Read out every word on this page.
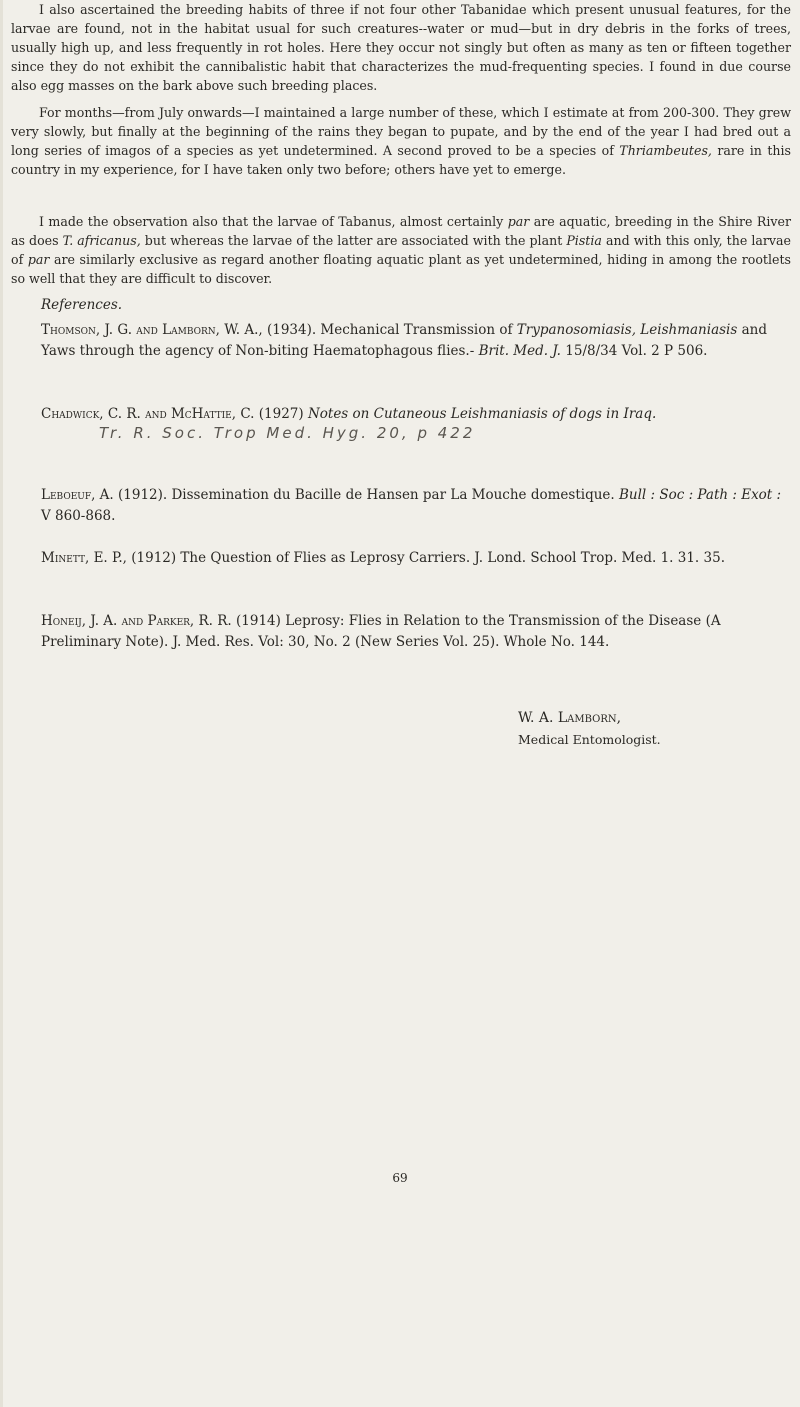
I also ascertained the breeding habits of three if not four other Tabanidae which present unusual features, for the larvae are found, not in the habitat usual for such creatures--water or mud—but in dry debris in the forks of trees, usually high up, and less frequently in rot holes. Here they occur not singly but often as many as ten or fifteen together since they do not exhibit the cannibalistic habit that characterizes the mud-frequenting species. I found in due course also egg masses on the bark above such breeding places.

For months—from July onwards—I maintained a large number of these, which I estimate at from 200-300. They grew very slowly, but finally at the beginning of the rains they began to pupate, and by the end of the year I had bred out a long series of imagos of a species as yet undetermined. A second proved to be a species of Thriambeutes, rare in this country in my experience, for I have taken only two before; others have yet to emerge.

I made the observation also that the larvae of Tabanus, almost certainly par are aquatic, breeding in the Shire River as does T. africanus, but whereas the larvae of the latter are associated with the plant Pistia and with this only, the larvae of par are similarly exclusive as regard another floating aquatic plant as yet undetermined, hiding in among the rootlets so well that they are difficult to discover.

References.

Thomson, J. G. and Lamborn, W. A., (1934). Mechanical Transmission of Trypanosomiasis, Leishmaniasis and Yaws through the agency of Non-biting Haematophagous flies.- Brit. Med. J. 15/8/34 Vol. 2 P 506.

Chadwick, C. R. and McHattie, C. (1927) Notes on Cutaneous Leishmaniasis of dogs in Iraq.

Tr. R. Soc. Trop Med. Hyg. 20, p 422

Leboeuf, A. (1912). Dissemination du Bacille de Hansen par La Mouche domestique. Bull : Soc : Path : Exot : V 860-868.

Minett, E. P., (1912) The Question of Flies as Leprosy Carriers. J. Lond. School Trop. Med. 1. 31. 35.

Honeij, J. A. and Parker, R. R. (1914) Leprosy: Flies in Relation to the Transmission of the Disease (A Preliminary Note). J. Med. Res. Vol: 30, No. 2 (New Series Vol. 25). Whole No. 144.

W. A. Lamborn,
Medical Entomologist.
69
